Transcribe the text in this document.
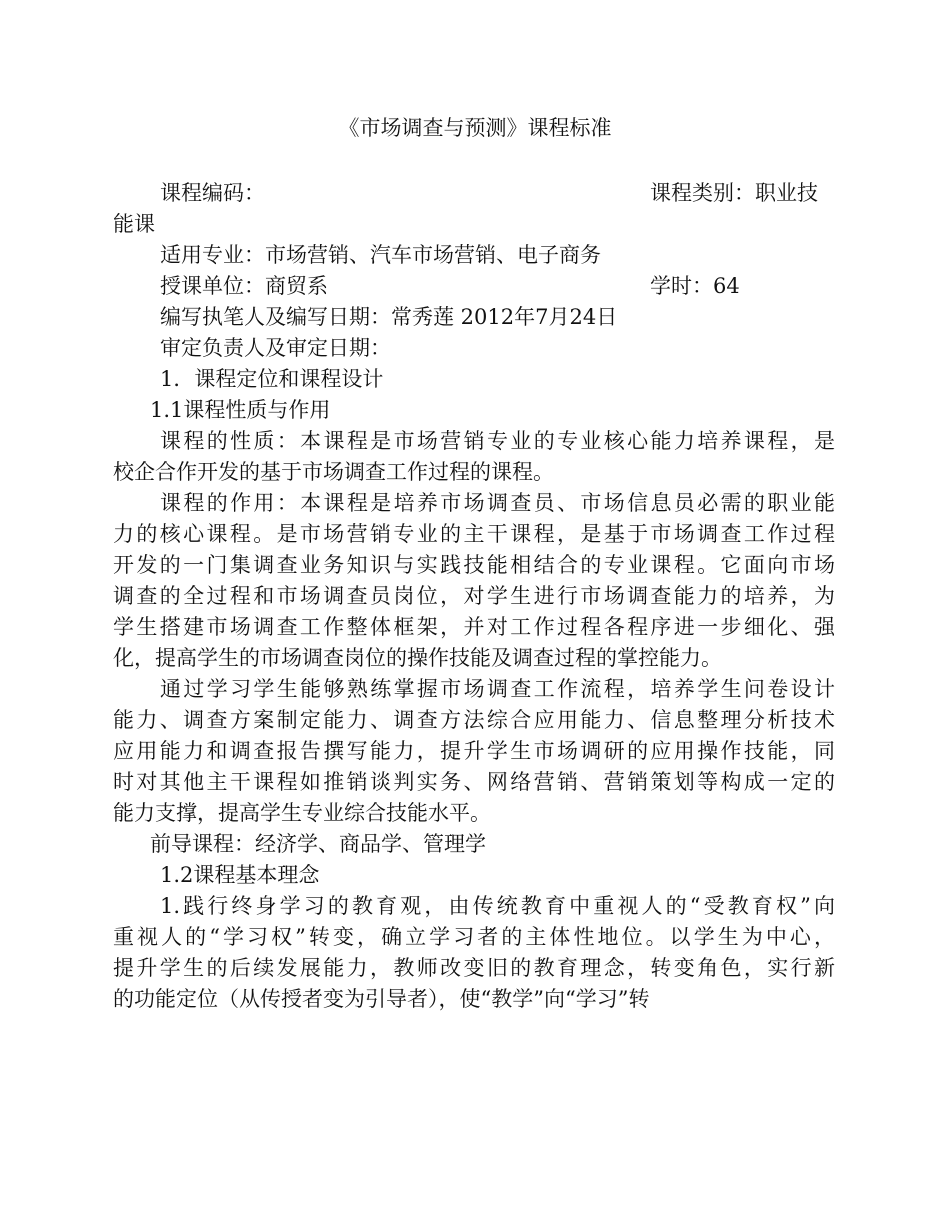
《市场调查与预测》课程标准
课程编码：	课程类别：职业技
能课
适用专业：市场营销、汽车市场营销、电子商务
授课单位：商贸系	学时：64
编写执笔人及编写日期：常秀莲 2012年7月24日
审定负责人及审定日期：
1．课程定位和课程设计
1.1课程性质与作用
课程的性质：本课程是市场营销专业的专业核心能力培养课程，是
校企合作开发的基于市场调查工作过程的课程。
课程的作用：本课程是培养市场调查员、市场信息员必需的职业能
力的核心课程。是市场营销专业的主干课程，是基于市场调查工作过程
开发的一门集调查业务知识与实践技能相结合的专业课程。它面向市场
调查的全过程和市场调查员岗位，对学生进行市场调查能力的培养，为
学生搭建市场调查工作整体框架，并对工作过程各程序进一步细化、强
化，提高学生的市场调查岗位的操作技能及调查过程的掌控能力。
通过学习学生能够熟练掌握市场调查工作流程，培养学生问卷设计
能力、调查方案制定能力、调查方法综合应用能力、信息整理分析技术
应用能力和调查报告撰写能力，提升学生市场调研的应用操作技能，同
时对其他主干课程如推销谈判实务、网络营销、营销策划等构成一定的
能力支撑，提高学生专业综合技能水平。
前导课程：经济学、商品学、管理学
1.2课程基本理念
1.践行终身学习的教育观，由传统教育中重视人的“受教育权”向
重视人的“学习权”转变，确立学习者的主体性地位。以学生为中心，
提升学生的后续发展能力，教师改变旧的教育理念，转变角色，实行新
的功能定位（从传授者变为引导者），使“教学”向“学习”转
